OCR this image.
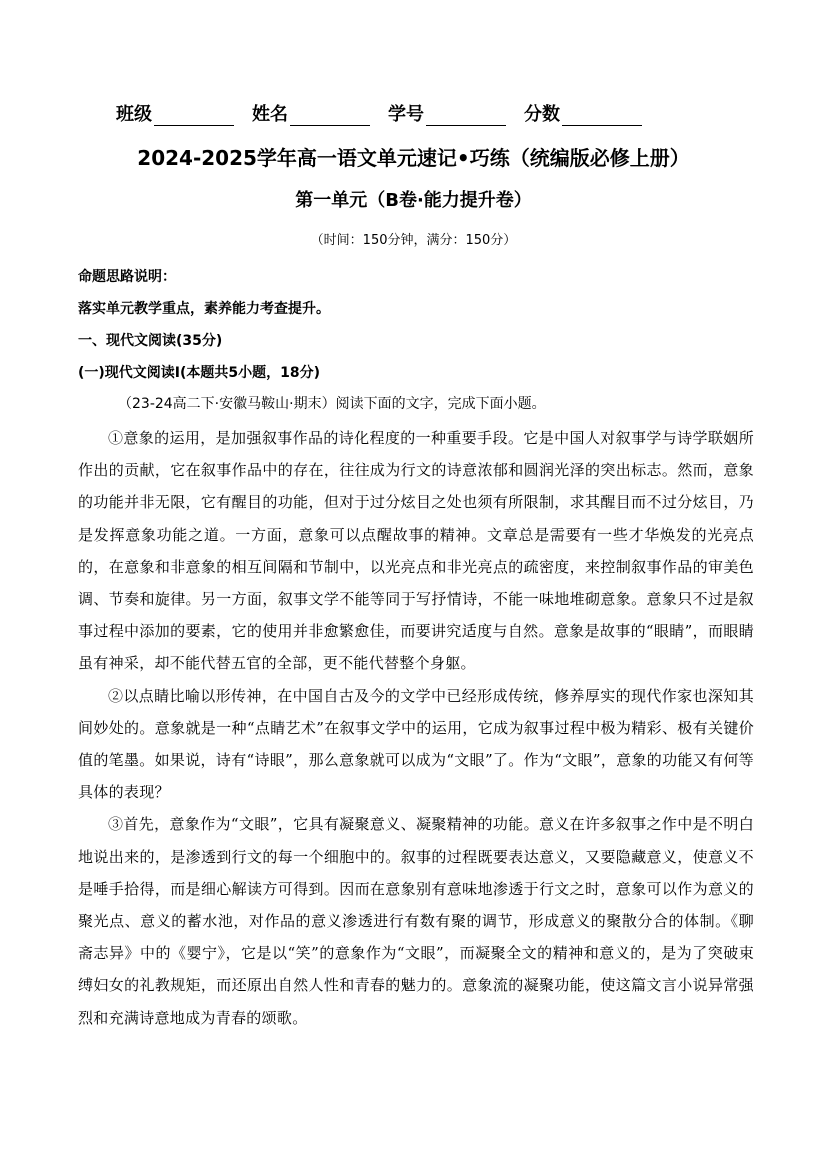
班级	姓名	学号	分数
2024-2025学年高一语文单元速记•巧练（统编版必修上册）
第一单元（B卷·能力提升卷）
（时间：150分钟，满分：150分）
命题思路说明：
落实单元教学重点，素养能力考查提升。
一、现代文阅读(35分)
(一)现代文阅读Ⅰ(本题共5小题，18分)
（23-24高二下·安徽马鞍山·期末）阅读下面的文字，完成下面小题。

①意象的运用，是加强叙事作品的诗化程度的一种重要手段。它是中国人对叙事学与诗学联姻所作出的贡献，它在叙事作品中的存在，往往成为行文的诗意浓郁和圆润光泽的突出标志。然而，意象的功能并非无限，它有醒目的功能，但对于过分炫目之处也须有所限制，求其醒目而不过分炫目，乃是发挥意象功能之道。一方面，意象可以点醒故事的精神。文章总是需要有一些才华焕发的光亮点的，在意象和非意象的相互间隔和节制中，以光亮点和非光亮点的疏密度，来控制叙事作品的审美色调、节奏和旋律。另一方面，叙事文学不能等同于写抒情诗，不能一味地堆砌意象。意象只不过是叙事过程中添加的要素，它的使用并非愈繁愈佳，而要讲究适度与自然。意象是故事的“眼睛”，而眼睛虽有神采，却不能代替五官的全部，更不能代替整个身躯。

②以点睛比喻以形传神，在中国自古及今的文学中已经形成传统，修养厚实的现代作家也深知其间妙处的。意象就是一种“点睛艺术”在叙事文学中的运用，它成为叙事过程中极为精彩、极有关键价值的笔墨。如果说，诗有“诗眼”，那么意象就可以成为“文眼”了。作为“文眼”，意象的功能又有何等具体的表现？

③首先，意象作为“文眼”，它具有凝聚意义、凝聚精神的功能。意义在许多叙事之作中是不明白地说出来的，是渗透到行文的每一个细胞中的。叙事的过程既要表达意义，又要隐藏意义，使意义不是唾手拾得，而是细心解读方可得到。因而在意象别有意味地渗透于行文之时，意象可以作为意义的聚光点、意义的蓄水池，对作品的意义渗透进行有数有聚的调节，形成意义的聚散分合的体制。《聊斋志异》中的《婴宁》，它是以“笑”的意象作为“文眼”，而凝聚全文的精神和意义的，是为了突破束缚妇女的礼教规矩，而还原出自然人性和青春的魅力的。意象流的凝聚功能，使这篇文言小说异常强烈和充满诗意地成为青春的颂歌。
